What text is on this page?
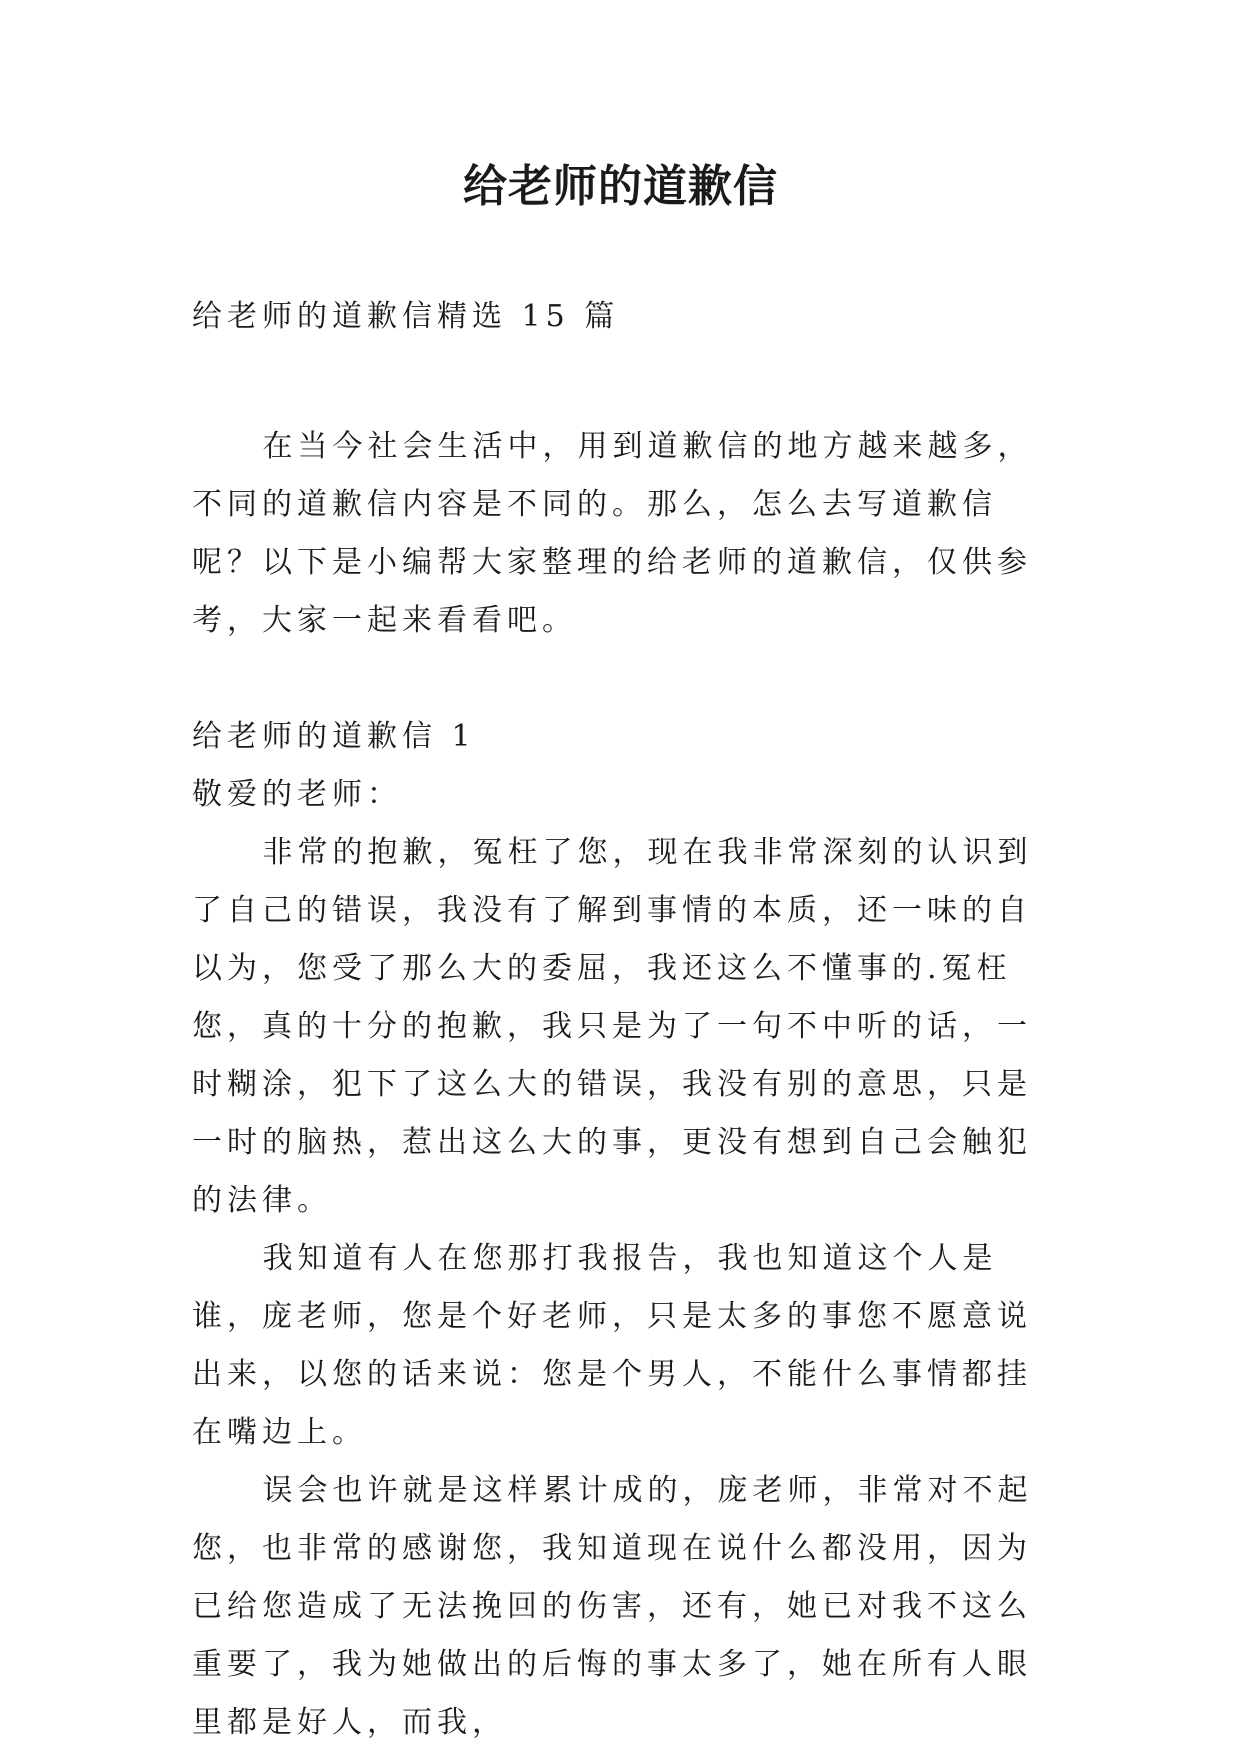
给老师的道歉信

给老师的道歉信精选 15 篇

在当今社会生活中，用到道歉信的地方越来越多，不同的道歉信内容是不同的。那么，怎么去写道歉信呢？以下是小编帮大家整理的给老师的道歉信，仅供参考，大家一起来看看吧。

给老师的道歉信 1

敬爱的老师：

非常的抱歉，冤枉了您，现在我非常深刻的认识到了自己的错误，我没有了解到事情的本质，还一味的自以为，您受了那么大的委屈，我还这么不懂事的.冤枉您，真的十分的抱歉，我只是为了一句不中听的话，一时糊涂，犯下了这么大的错误，我没有别的意思，只是一时的脑热，惹出这么大的事，更没有想到自己会触犯的法律。

我知道有人在您那打我报告，我也知道这个人是谁，庞老师，您是个好老师，只是太多的事您不愿意说出来，以您的话来说：您是个男人，不能什么事情都挂在嘴边上。

误会也许就是这样累计成的，庞老师，非常对不起您，也非常的感谢您，我知道现在说什么都没用，因为已给您造成了无法挽回的伤害，还有，她已对我不这么重要了，我为她做出的后悔的事太多了，她在所有人眼里都是好人，而我，
